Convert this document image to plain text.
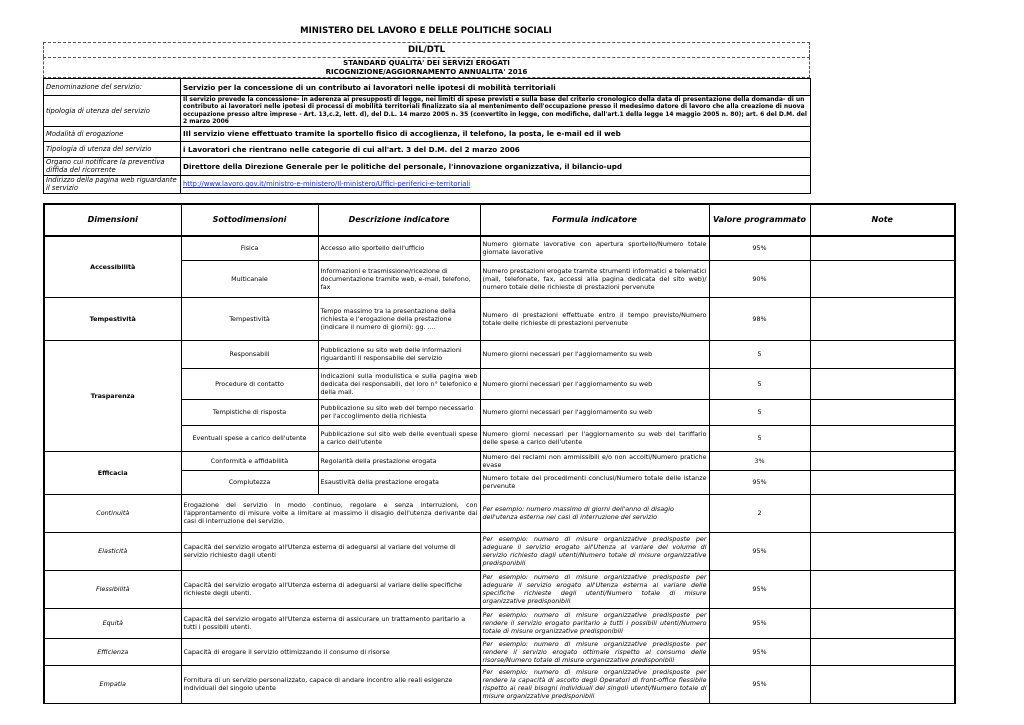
MINISTERO DEL LAVORO E DELLE POLITICHE SOCIALI
DIL/DTL
STANDARD QUALITA' DEI SERVIZI EROGATI
RICOGNIZIONE/AGGIORNAMENTO ANNUALITA' 2016
Denominazione del servizio:	Servizio per la concessione di un contributo ai lavoratori nelle ipotesi di mobilità territoriali
tipologia di utenza del servizio	Il servizio prevede la concessione- in aderenza ai presupposti di legge, nei limiti di spese previsti e sulla base del criterio cronologico della data di presentazione della domanda- di un contributo ai lavoratori nelle ipotesi di processi di mobilità territoriali finalizzato sia al mentenimento dell'occupazione presso il medesimo datore di lavoro che alla creazione di nuova occupazione presso altre imprese - Art. 13,c.2, lett. d), del D.L. 14 marzo 2005 n. 35 (convertito in legge, con modifiche, dall'art.1 della legge 14 maggio 2005 n. 80); art. 6 del D.M. del 2 marzo 2006
Modalità di erogazione	IIl servizio viene effettuato tramite la sportello fisico di accoglienza, il telefono, la posta, le e-mail ed il web
Tipologia di utenza del servizio	i Lavoratori che rientrano nelle categorie di cui all'art. 3 del D.M. del 2 marzo 2006
Organo cui notificare la preventiva diffida del ricorrente	Direttore della Direzione Generale per le politiche del personale, l'innovazione organizzativa, il bilancio-upd
Indirizzo della pagina web riguardante il servizio	http://www.lavoro.gov.it/ministro-e-ministero/Il-ministero/Uffici-periferici-e-territoriali
Dimensioni	Sottodimensioni	Descrizione indicatore	Formula indicatore	Valore programmato	Note
Accessibilità	Fisica	Accesso allo sportello dell'ufficio	Numero giornate lavorative con apertura sportello/Numero totale giornate lavorative	95%	
	Multicanale	Informazioni e trasmissione/ricezione di documentazione tramite web, e-mail, telefono, fax	Numero prestazioni erogate tramite strumenti informatici e telematici (mail, telefonate, fax, accessi alla pagina dedicata del sito web)/ numero totale delle richieste di prestazioni pervenute	90%	
Tempestività	Tempestività	Tempo massimo tra la presentazione della richiesta e l'erogazione della prestazione (indicare il numero di giorni): gg. ....	Numero di prestazioni effettuate entro il tempo previsto/Numero totale delle richieste di prestazioni pervenute	98%	
Trasparenza	Responsabili	Pubblicazione su sito web delle informazioni riguardanti il responsabile del servizio	Numero giorni necessari per l'aggiornamento su web	5	
	Procedure di contatto	Indicazioni sulla modulistica e sulla pagina web dedicata dei responsabili, del loro n° telefonico e della mail.	Numero giorni necessari per l'aggiornamento su web	5	
	Tempistiche di risposta	Pubblicazione su sito web del tempo necessario per l'accoglimento della richiesta	Numero giorni necessari per l'aggiornamento su web	5	
	Eventuali spese a carico dell'utente	Pubblicazione sul sito web delle eventuali spese a carico dell'utente	Numero giorni necessari per l'aggiornamento su web del tariffario delle spese a carico dell'utente	5	
Efficacia	Conformità e affidabilità	Regolarità della prestazione erogata	Numero dei reclami non ammissibili e/o non accolti/Numero pratiche evase	3%	
	Compiutezza	Esaustività della prestazione erogata	Numero totale dei procedimenti conclusi/Numero totale delle istanze pervenute	95%	
Continuità	Erogazione del servizio in modo continuo, regolare e senza interruzioni, con l'approntamento di misure volte a limitare al massimo il disagio dell'utenza derivante dai casi di interruzione del servizio.		Per esempio: numero massimo di giorni dell'anno di disagio dell'utenza esterna nei casi di interruzione del servizio	2	
Elasticità	Capacità del servizio erogato all'Utenza esterna di adeguarsi al variare del volume di servizio richiesto dagli utenti		Per esempio: numero di misure organizzative predisposte per adeguare il servizio erogato all'Utenza al variare del volume di servizio richiesto dagli utenti/Numero totale di misure organizzative predisponibili	95%	
Flessibilità	Capacità del servizio erogato all'Utenza esterna di adeguarsi al variare delle specifiche richieste degli utenti.		Per esempio: numero di misure organizzative predisposte per adeguare il servizio erogato all'Utenza esterna al variare delle specifiche richieste degli utenti/Numero totale di misure organizzative predisponibili	95%	
Equità	Capacità del servizio erogato all'Utenza esterna di assicurare un trattamento paritario a tutti i possibili utenti.		Per esempio: numero di misure organizzative predisposte per rendere il servizio erogato paritario a tutti i possibili utenti/Numero totale di misure organizzative predisponibili	95%	
Efficienza	Capacità di erogare il servizio ottimizzando il consumo di risorse		Per esempio: numero di misure organizzative predisposte per rendere il servizio erogato ottimale rispetto al consumo delle risorse/Numero totale di misure organizzative predisponibili	95%	
Empatia	Fornitura di un servizio personalizzato, capace di andare incontro alle reali esigenze individuali del singolo utente		Per esempio: numero di misure organizzative predisposte per rendere la capacità di ascolto degli Operatori di front-office flessibile rispetto ai reali bisogni individuali dei singoli utenti/Numero totale di misure organizzative predisponibili	95%	
